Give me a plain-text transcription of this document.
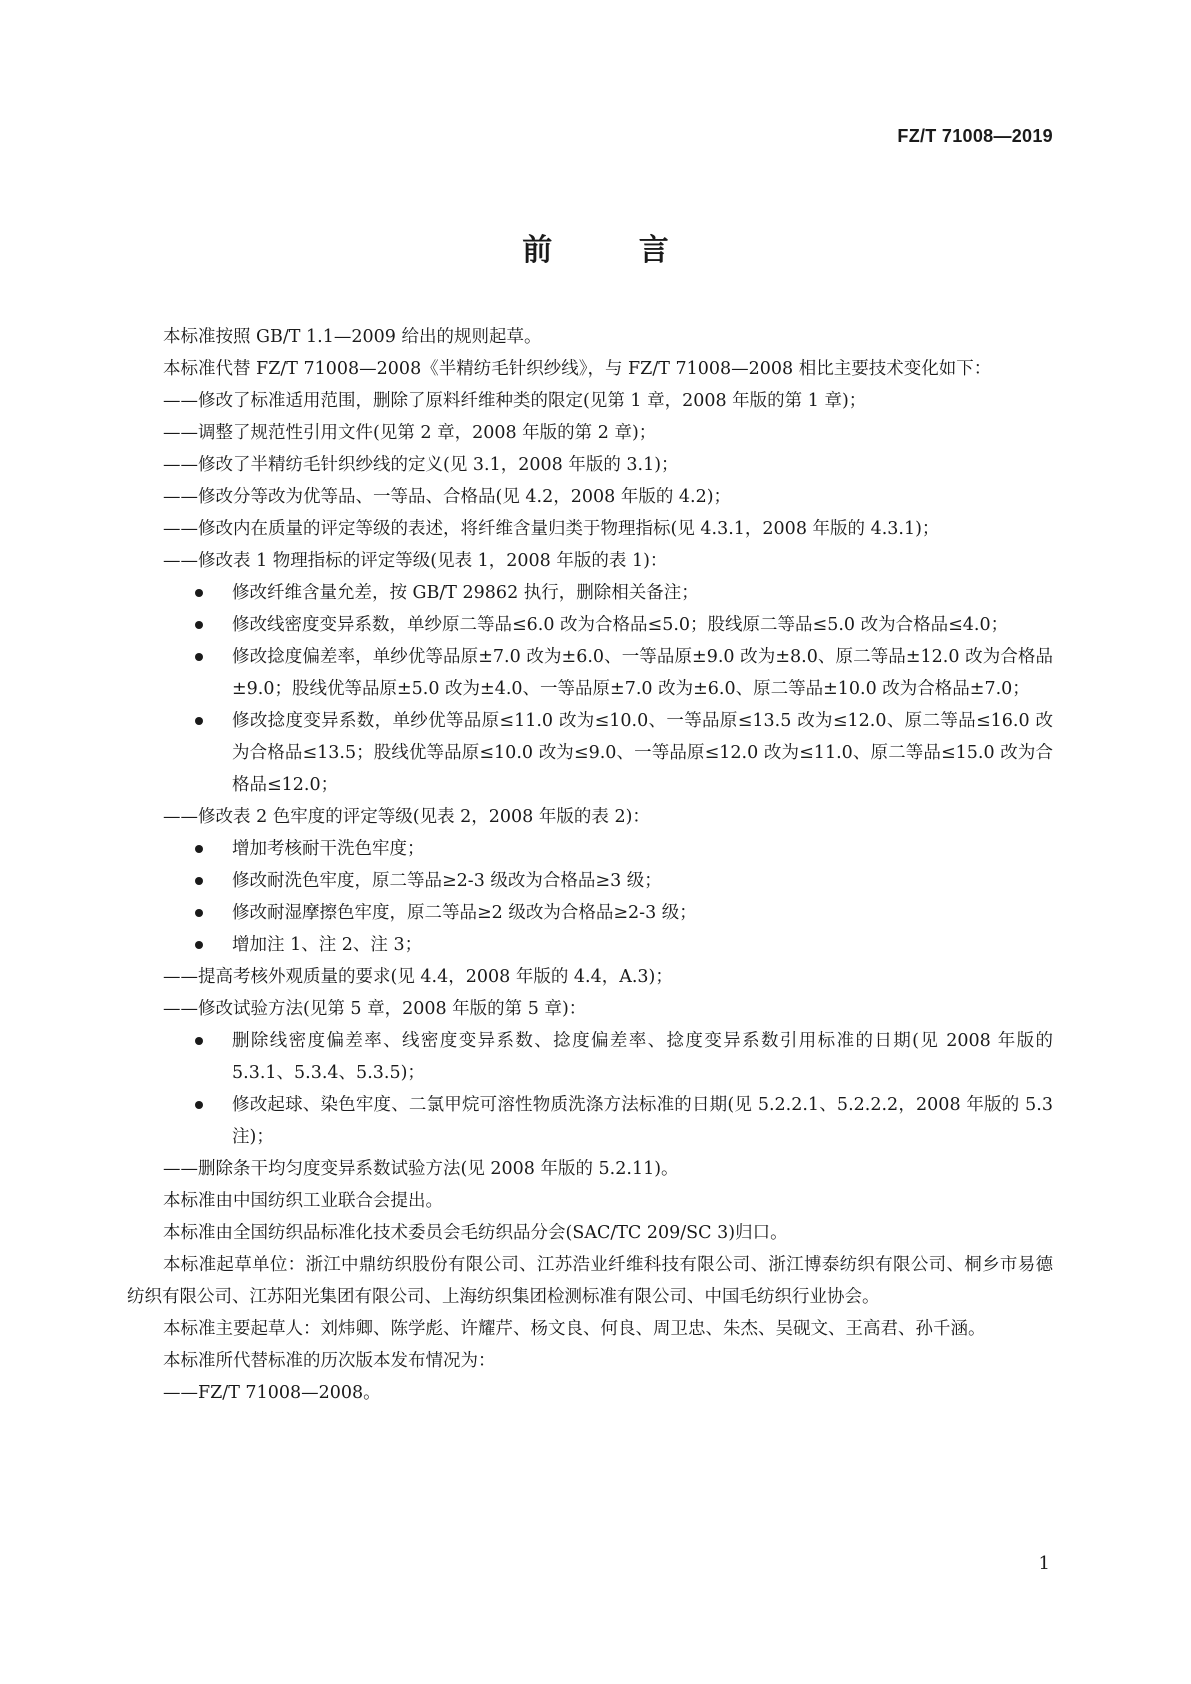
FZ/T 71008—2019
前 言
本标准按照 GB/T 1.1—2009 给出的规则起草。
本标准代替 FZ/T 71008—2008《半精纺毛针织纱线》，与 FZ/T 71008—2008 相比主要技术变化如下：
——修改了标准适用范围，删除了原料纤维种类的限定(见第 1 章，2008 年版的第 1 章)；
——调整了规范性引用文件(见第 2 章，2008 年版的第 2 章)；
——修改了半精纺毛针织纱线的定义(见 3.1，2008 年版的 3.1)；
——修改分等改为优等品、一等品、合格品(见 4.2，2008 年版的 4.2)；
——修改内在质量的评定等级的表述，将纤维含量归类于物理指标(见 4.3.1，2008 年版的 4.3.1)；
——修改表 1 物理指标的评定等级(见表 1，2008 年版的表 1)：
修改纤维含量允差，按 GB/T 29862 执行，删除相关备注；
修改线密度变异系数，单纱原二等品≤6.0 改为合格品≤5.0；股线原二等品≤5.0 改为合格品≤4.0；
修改捻度偏差率，单纱优等品原±7.0 改为±6.0、一等品原±9.0 改为±8.0、原二等品±12.0 改为合格品±9.0；股线优等品原±5.0 改为±4.0、一等品原±7.0 改为±6.0、原二等品±10.0 改为合格品±7.0；
修改捻度变异系数，单纱优等品原≤11.0 改为≤10.0、一等品原≤13.5 改为≤12.0、原二等品≤16.0 改为合格品≤13.5；股线优等品原≤10.0 改为≤9.0、一等品原≤12.0 改为≤11.0、原二等品≤15.0 改为合格品≤12.0；
——修改表 2 色牢度的评定等级(见表 2，2008 年版的表 2)：
增加考核耐干洗色牢度；
修改耐洗色牢度，原二等品≥2-3 级改为合格品≥3 级；
修改耐湿摩擦色牢度，原二等品≥2 级改为合格品≥2-3 级；
增加注 1、注 2、注 3；
——提高考核外观质量的要求(见 4.4，2008 年版的 4.4，A.3)；
——修改试验方法(见第 5 章，2008 年版的第 5 章)：
删除线密度偏差率、线密度变异系数、捻度偏差率、捻度变异系数引用标准的日期(见 2008 年版的 5.3.1、5.3.4、5.3.5)；
修改起球、染色牢度、二氯甲烷可溶性物质洗涤方法标准的日期(见 5.2.2.1、5.2.2.2，2008 年版的 5.3 注)；
——删除条干均匀度变异系数试验方法(见 2008 年版的 5.2.11)。
本标准由中国纺织工业联合会提出。
本标准由全国纺织品标准化技术委员会毛纺织品分会(SAC/TC 209/SC 3)归口。
本标准起草单位：浙江中鼎纺织股份有限公司、江苏浩业纤维科技有限公司、浙江博泰纺织有限公司、桐乡市易德纺织有限公司、江苏阳光集团有限公司、上海纺织集团检测标准有限公司、中国毛纺织行业协会。
本标准主要起草人：刘炜卿、陈学彪、许耀芹、杨文良、何良、周卫忠、朱杰、吴砚文、王高君、孙千涵。
本标准所代替标准的历次版本发布情况为：
——FZ/T 71008—2008。
1
